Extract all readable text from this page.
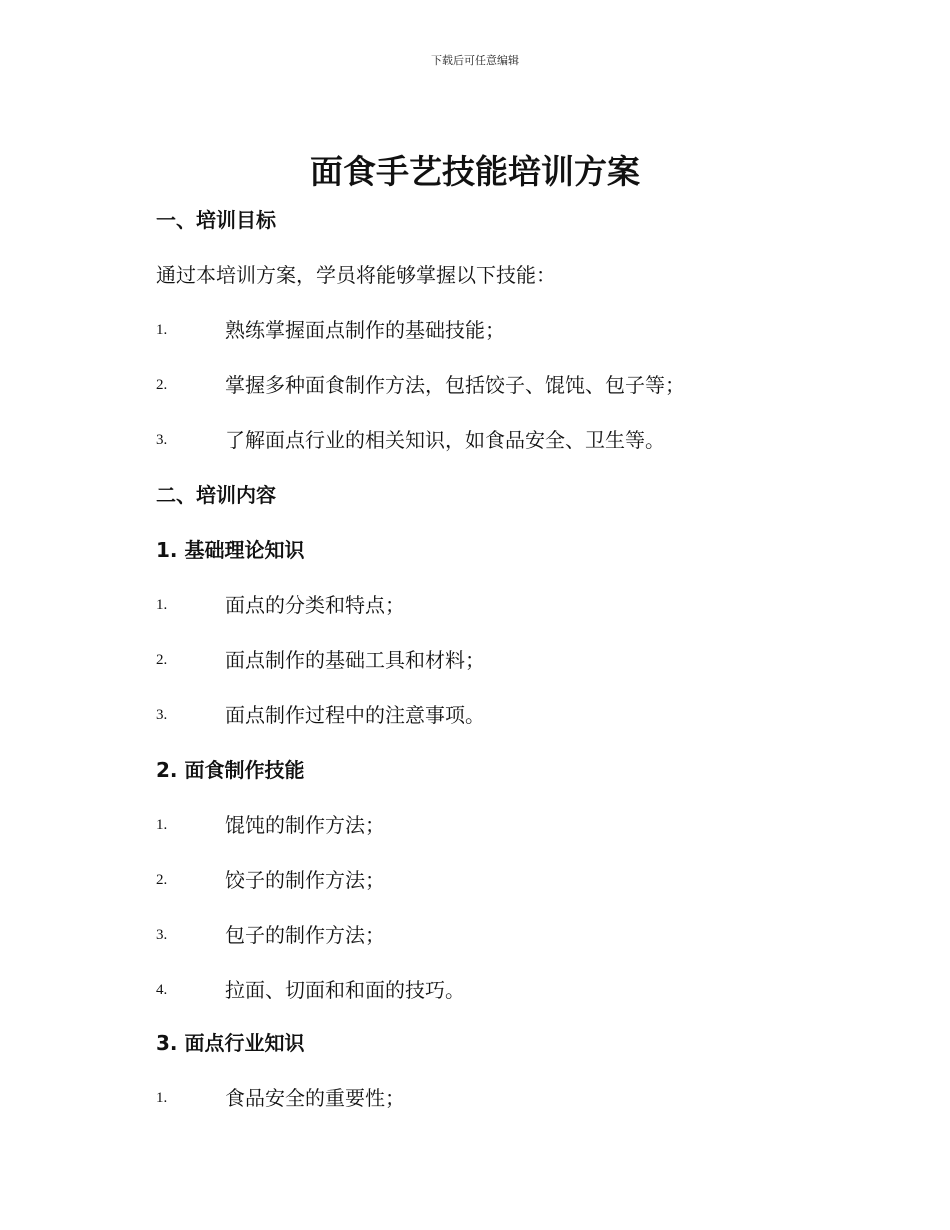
下载后可任意编辑
面食手艺技能培训方案
一、培训目标
通过本培训方案，学员将能够掌握以下技能：
1.	熟练掌握面点制作的基础技能；
2.	掌握多种面食制作方法，包括饺子、馄饨、包子等；
3.	了解面点行业的相关知识，如食品安全、卫生等。
二、培训内容
1. 基础理论知识
1.	面点的分类和特点；
2.	面点制作的基础工具和材料；
3.	面点制作过程中的注意事项。
2. 面食制作技能
1.	馄饨的制作方法；
2.	饺子的制作方法；
3.	包子的制作方法；
4.	拉面、切面和和面的技巧。
3. 面点行业知识
1.	食品安全的重要性；
